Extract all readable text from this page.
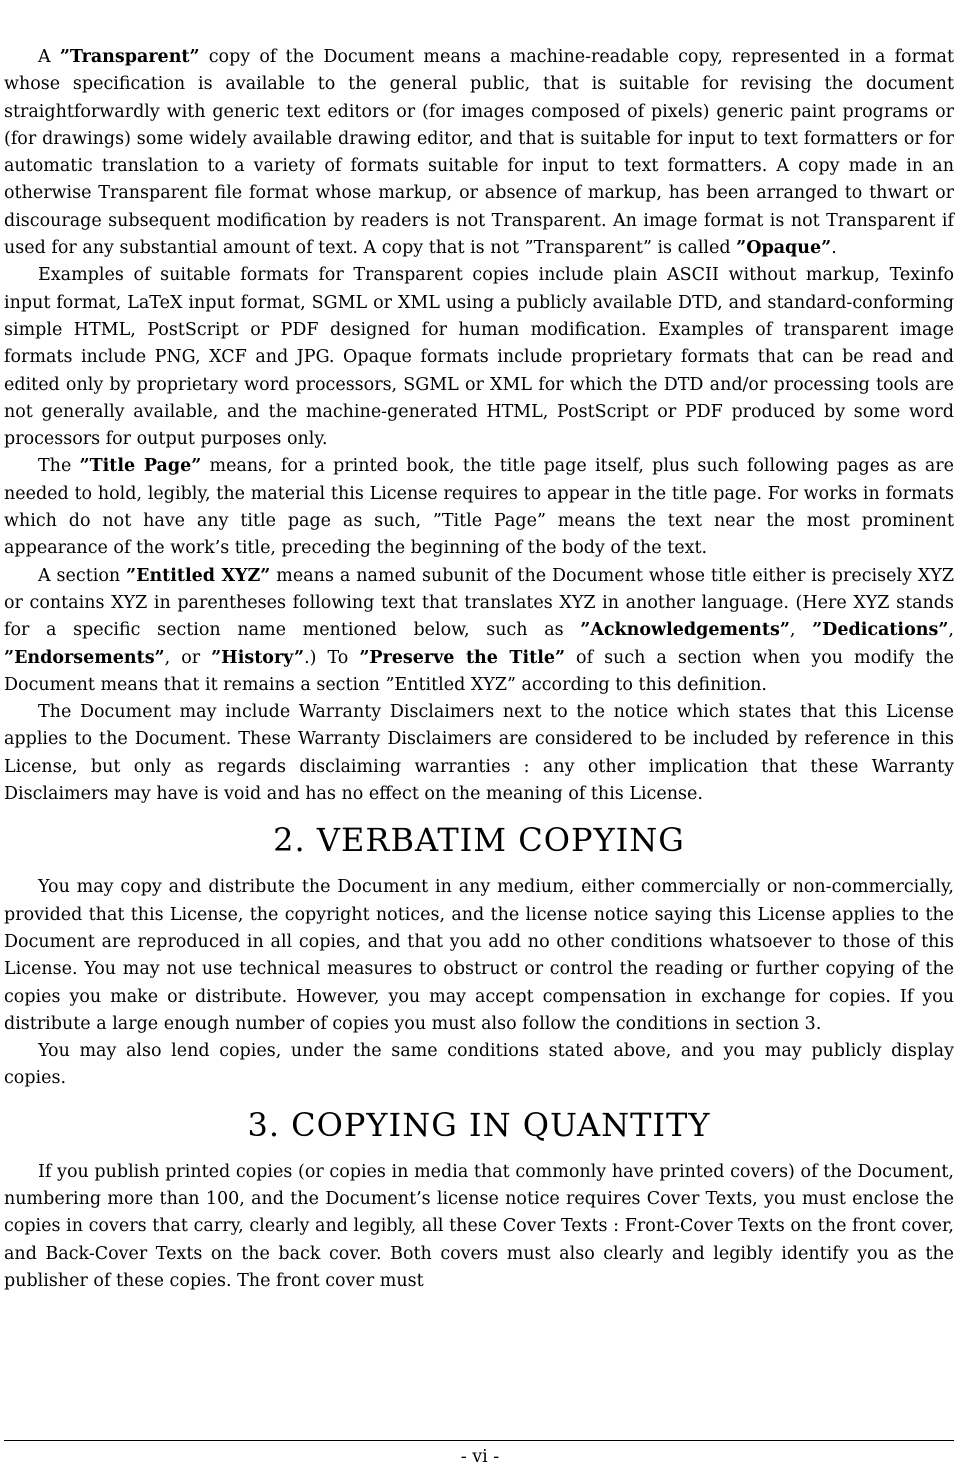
A ”Transparent” copy of the Document means a machine-readable copy, represented in a format whose specification is available to the general public, that is suitable for revising the document straightforwardly with generic text editors or (for images composed of pixels) generic paint programs or (for drawings) some widely available drawing editor, and that is suitable for input to text formatters or for automatic translation to a variety of formats suitable for input to text formatters. A copy made in an otherwise Transparent file format whose markup, or absence of markup, has been arranged to thwart or discourage subsequent modification by readers is not Transparent. An image format is not Transparent if used for any substantial amount of text. A copy that is not ”Transparent” is called ”Opaque”.

Examples of suitable formats for Transparent copies include plain ASCII without markup, Texinfo input format, LaTeX input format, SGML or XML using a publicly available DTD, and standard-conforming simple HTML, PostScript or PDF designed for human modification. Examples of transparent image formats include PNG, XCF and JPG. Opaque formats include proprietary formats that can be read and edited only by proprietary word processors, SGML or XML for which the DTD and/or processing tools are not generally available, and the machine-generated HTML, PostScript or PDF produced by some word processors for output purposes only.

The ”Title Page” means, for a printed book, the title page itself, plus such following pages as are needed to hold, legibly, the material this License requires to appear in the title page. For works in formats which do not have any title page as such, ”Title Page” means the text near the most prominent appearance of the work’s title, preceding the beginning of the body of the text.

A section ”Entitled XYZ” means a named subunit of the Document whose title either is precisely XYZ or contains XYZ in parentheses following text that translates XYZ in another language. (Here XYZ stands for a specific section name mentioned below, such as ”Acknowledgements”, ”Dedications”, ”Endorsements”, or ”History”.) To ”Preserve the Title” of such a section when you modify the Document means that it remains a section ”Entitled XYZ” according to this definition.

The Document may include Warranty Disclaimers next to the notice which states that this License applies to the Document. These Warranty Disclaimers are considered to be included by reference in this License, but only as regards disclaiming warranties : any other implication that these Warranty Disclaimers may have is void and has no effect on the meaning of this License.

2. VERBATIM COPYING

You may copy and distribute the Document in any medium, either commercially or non-commercially, provided that this License, the copyright notices, and the license notice saying this License applies to the Document are reproduced in all copies, and that you add no other conditions whatsoever to those of this License. You may not use technical measures to obstruct or control the reading or further copying of the copies you make or distribute. However, you may accept compensation in exchange for copies. If you distribute a large enough number of copies you must also follow the conditions in section 3.

You may also lend copies, under the same conditions stated above, and you may publicly display copies.

3. COPYING IN QUANTITY

If you publish printed copies (or copies in media that commonly have printed covers) of the Document, numbering more than 100, and the Document’s license notice requires Cover Texts, you must enclose the copies in covers that carry, clearly and legibly, all these Cover Texts : Front-Cover Texts on the front cover, and Back-Cover Texts on the back cover. Both covers must also clearly and legibly identify you as the publisher of these copies. The front cover must

- vi -
